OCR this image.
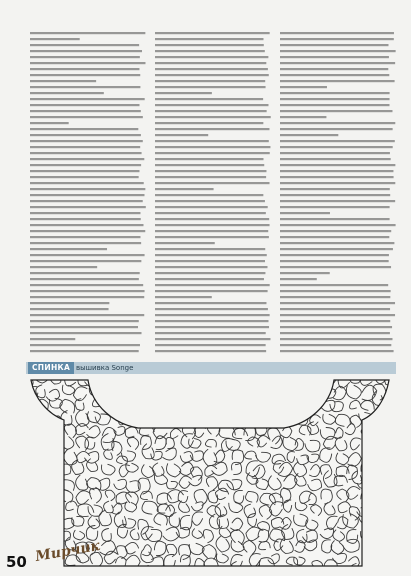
СПИНКА вышивка Songe
50 Мирчик
